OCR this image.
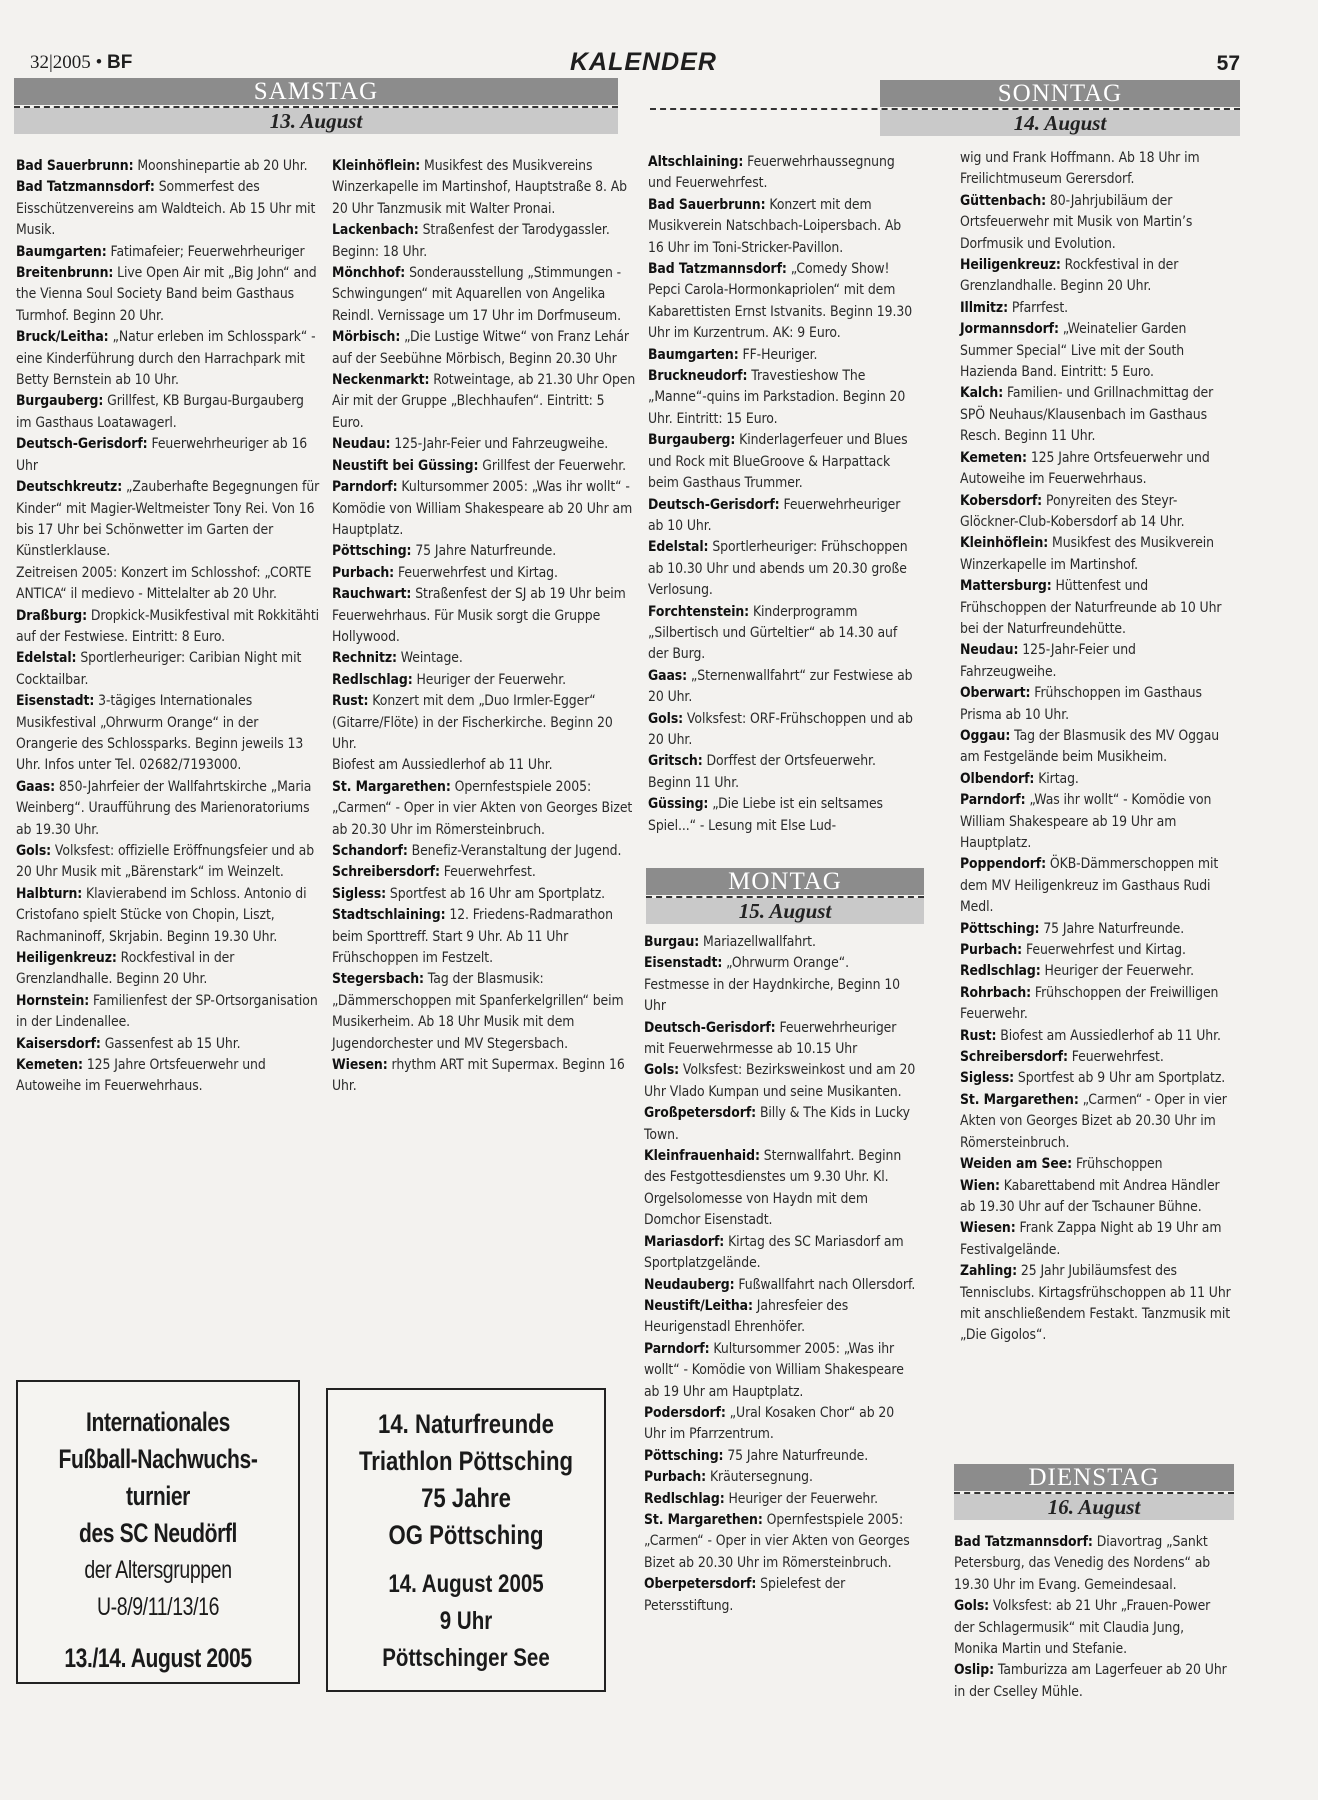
32|2005 • BF	KALENDER	57
SAMSTAG
13. August
SONNTAG
14. August
MONTAG
15. August
DIENSTAG
16. August
Bad Sauerbrunn: Moonshinepartie ab 20 Uhr.
Bad Tatzmannsdorf: Sommerfest des Eisschützenvereins am Waldteich. Ab 15 Uhr mit Musik.
Baumgarten: Fatimafeier; Feuerwehrheuriger
Breitenbrunn: Live Open Air mit „Big John“ and the Vienna Soul Society Band beim Gasthaus Turmhof. Beginn 20 Uhr.
Bruck/Leitha: „Natur erleben im Schlosspark“ - eine Kinderführung durch den Harrachpark mit Betty Bernstein ab 10 Uhr.
Burgauberg: Grillfest, KB Burgau-Burgauberg im Gasthaus Loatawagerl.
Deutsch-Gerisdorf: Feuerwehrheuriger ab 16 Uhr
Deutschkreutz: „Zauberhafte Begegnungen für Kinder“ mit Magier-Weltmeister Tony Rei. Von 16 bis 17 Uhr bei Schönwetter im Garten der Künstlerklause.
Zeitreisen 2005: Konzert im Schlosshof: „CORTE ANTICA“ il medievo - Mittelalter ab 20 Uhr.
Draßburg: Dropkick-Musikfestival mit Rokkitähti auf der Festwiese. Eintritt: 8 Euro.
Edelstal: Sportlerheuriger: Caribian Night mit Cocktailbar.
Eisenstadt: 3-tägiges Internationales Musikfestival „Ohrwurm Orange“ in der Orangerie des Schlossparks. Beginn jeweils 13 Uhr. Infos unter Tel. 02682/7193000.
Gaas: 850-Jahrfeier der Wallfahrtskirche „Maria Weinberg“. Uraufführung des Marienoratoriums ab 19.30 Uhr.
Gols: Volksfest: offizielle Eröffnungsfeier und ab 20 Uhr Musik mit „Bärenstark“ im Weinzelt.
Halbturn: Klavierabend im Schloss. Antonio di Cristofano spielt Stücke von Chopin, Liszt, Rachmaninoff, Skrjabin. Beginn 19.30 Uhr.
Heiligenkreuz: Rockfestival in der Grenzlandhalle. Beginn 20 Uhr.
Hornstein: Familienfest der SP-Ortsorganisation in der Lindenallee.
Kaisersdorf: Gassenfest ab 15 Uhr.
Kemeten: 125 Jahre Ortsfeuerwehr und Autoweihe im Feuerwehrhaus.
Kleinhöflein: Musikfest des Musikvereins Winzerkapelle im Martinshof, Hauptstraße 8. Ab 20 Uhr Tanzmusik mit Walter Pronai.
Lackenbach: Straßenfest der Tarodygassler. Beginn: 18 Uhr.
Mönchhof: Sonderausstellung „Stimmungen - Schwingungen“ mit Aquarellen von Angelika Reindl. Vernissage um 17 Uhr im Dorfmuseum.
Mörbisch: „Die Lustige Witwe“ von Franz Lehár auf der Seebühne Mörbisch, Beginn 20.30 Uhr
Neckenmarkt: Rotweintage, ab 21.30 Uhr Open Air mit der Gruppe „Blechhaufen“. Eintritt: 5 Euro.
Neudau: 125-Jahr-Feier und Fahrzeugweihe.
Neustift bei Güssing: Grillfest der Feuerwehr.
Parndorf: Kultursommer 2005: „Was ihr wollt“ - Komödie von William Shakespeare ab 20 Uhr am Hauptplatz.
Pöttsching: 75 Jahre Naturfreunde.
Purbach: Feuerwehrfest und Kirtag.
Rauchwart: Straßenfest der SJ ab 19 Uhr beim Feuerwehrhaus. Für Musik sorgt die Gruppe Hollywood.
Rechnitz: Weintage.
Redlschlag: Heuriger der Feuerwehr.
Rust: Konzert mit dem „Duo Irmler-Egger“ (Gitarre/Flöte) in der Fischerkirche. Beginn 20 Uhr.
Biofest am Aussiedlerhof ab 11 Uhr.
St. Margarethen: Opernfestspiele 2005: „Carmen“ - Oper in vier Akten von Georges Bizet ab 20.30 Uhr im Römersteinbruch.
Schandorf: Benefiz-Veranstaltung der Jugend.
Schreibersdorf: Feuerwehrfest.
Sigless: Sportfest ab 16 Uhr am Sportplatz.
Stadtschlaining: 12. Friedens-Radmarathon beim Sporttreff. Start 9 Uhr. Ab 11 Uhr Frühschoppen im Festzelt.
Stegersbach: Tag der Blasmusik: „Dämmerschoppen mit Spanferkelgrillen“ beim Musikerheim. Ab 18 Uhr Musik mit dem Jugendorchester und MV Stegersbach.
Wiesen: rhythm ART mit Supermax. Beginn 16 Uhr.
Altschlaining: Feuerwehrhaussegnung und Feuerwehrfest.
Bad Sauerbrunn: Konzert mit dem Musikverein Natschbach-Loipersbach. Ab 16 Uhr im Toni-Stricker-Pavillon.
Bad Tatzmannsdorf: „Comedy Show! Pepci Carola-Hormonkapriolen“ mit dem Kabarettisten Ernst Istvanits. Beginn 19.30 Uhr im Kurzentrum. AK: 9 Euro.
Baumgarten: FF-Heuriger.
Bruckneudorf: Travestieshow The „Manne“-quins im Parkstadion. Beginn 20 Uhr. Eintritt: 15 Euro.
Burgauberg: Kinderlagerfeuer und Blues und Rock mit BlueGroove & Harpattack beim Gasthaus Trummer.
Deutsch-Gerisdorf: Feuerwehrheuriger ab 10 Uhr.
Edelstal: Sportlerheuriger: Frühschoppen ab 10.30 Uhr und abends um 20.30 große Verlosung.
Forchtenstein: Kinderprogramm „Silbertisch und Gürteltier“ ab 14.30 auf der Burg.
Gaas: „Sternenwallfahrt“ zur Festwiese ab 20 Uhr.
Gols: Volksfest: ORF-Frühschoppen und ab 20 Uhr.
Gritsch: Dorffest der Ortsfeuerwehr. Beginn 11 Uhr.
Güssing: „Die Liebe ist ein seltsames Spiel...“ - Lesung mit Else Lud-
Burgau: Mariazellwallfahrt.
Eisenstadt: „Ohrwurm Orange“. Festmesse in der Haydnkirche, Beginn 10 Uhr
Deutsch-Gerisdorf: Feuerwehrheuriger mit Feuerwehrmesse ab 10.15 Uhr
Gols: Volksfest: Bezirksweinkost und am 20 Uhr Vlado Kumpan und seine Musikanten.
Großpetersdorf: Billy & The Kids in Lucky Town.
Kleinfrauenhaid: Sternwallfahrt. Beginn des Festgottesdienstes um 9.30 Uhr. Kl. Orgelsolomesse von Haydn mit dem Domchor Eisenstadt.
Mariasdorf: Kirtag des SC Mariasdorf am Sportplatzgelände.
Neudauberg: Fußwallfahrt nach Ollersdorf.
Neustift/Leitha: Jahresfeier des Heurigenstadl Ehrenhöfer.
Parndorf: Kultursommer 2005: „Was ihr wollt“ - Komödie von William Shakespeare ab 19 Uhr am Hauptplatz.
Podersdorf: „Ural Kosaken Chor“ ab 20 Uhr im Pfarrzentrum.
Pöttsching: 75 Jahre Naturfreunde.
Purbach: Kräutersegnung.
Redlschlag: Heuriger der Feuerwehr.
St. Margarethen: Opernfestspiele 2005: „Carmen“ - Oper in vier Akten von Georges Bizet ab 20.30 Uhr im Römersteinbruch.
Oberpetersdorf: Spielefest der Petersstiftung.
wig und Frank Hoffmann. Ab 18 Uhr im Freilichtmuseum Gerersdorf.
Güttenbach: 80-Jahrjubiläum der Ortsfeuerwehr mit Musik von Martin’s Dorfmusik und Evolution.
Heiligenkreuz: Rockfestival in der Grenzlandhalle. Beginn 20 Uhr.
Illmitz: Pfarrfest.
Jormannsdorf: „Weinatelier Garden Summer Special“ Live mit der South Hazienda Band. Eintritt: 5 Euro.
Kalch: Familien- und Grillnachmittag der SPÖ Neuhaus/Klausenbach im Gasthaus Resch. Beginn 11 Uhr.
Kemeten: 125 Jahre Ortsfeuerwehr und Autoweihe im Feuerwehrhaus.
Kobersdorf: Ponyreiten des Steyr-Glöckner-Club-Kobersdorf ab 14 Uhr.
Kleinhöflein: Musikfest des Musikverein Winzerkapelle im Martinshof.
Mattersburg: Hüttenfest und Frühschoppen der Naturfreunde ab 10 Uhr bei der Naturfreundehütte.
Neudau: 125-Jahr-Feier und Fahrzeugweihe.
Oberwart: Frühschoppen im Gasthaus Prisma ab 10 Uhr.
Oggau: Tag der Blasmusik des MV Oggau am Festgelände beim Musikheim.
Olbendorf: Kirtag.
Parndorf: „Was ihr wollt“ - Komödie von William Shakespeare ab 19 Uhr am Hauptplatz.
Poppendorf: ÖKB-Dämmerschoppen mit dem MV Heiligenkreuz im Gasthaus Rudi Medl.
Pöttsching: 75 Jahre Naturfreunde.
Purbach: Feuerwehrfest und Kirtag.
Redlschlag: Heuriger der Feuerwehr.
Rohrbach: Frühschoppen der Freiwilligen Feuerwehr.
Rust: Biofest am Aussiedlerhof ab 11 Uhr.
Schreibersdorf: Feuerwehrfest.
Sigless: Sportfest ab 9 Uhr am Sportplatz.
St. Margarethen: „Carmen“ - Oper in vier Akten von Georges Bizet ab 20.30 Uhr im Römersteinbruch.
Weiden am See: Frühschoppen
Wien: Kabarettabend mit Andrea Händler ab 19.30 Uhr auf der Tschauner Bühne.
Wiesen: Frank Zappa Night ab 19 Uhr am Festivalgelände.
Zahling: 25 Jahr Jubiläumsfest des Tennisclubs. Kirtagsfrühschoppen ab 11 Uhr mit anschließendem Festakt. Tanzmusik mit „Die Gigolos“.
Bad Tatzmannsdorf: Diavortrag „Sankt Petersburg, das Venedig des Nordens“ ab 19.30 Uhr im Evang. Gemeindesaal.
Gols: Volksfest: ab 21 Uhr „Frauen-Power der Schlagermusik“ mit Claudia Jung, Monika Martin und Stefanie.
Oslip: Tamburizza am Lagerfeuer ab 20 Uhr in der Cselley Mühle.
Internationales
Fußball-Nachwuchs-
turnier
des SC Neudörfl
der Altersgruppen
U-8/9/11/13/16
13./14. August 2005
14. Naturfreunde
Triathlon Pöttsching
75 Jahre
OG Pöttsching
14. August 2005
9 Uhr
Pöttschinger See
